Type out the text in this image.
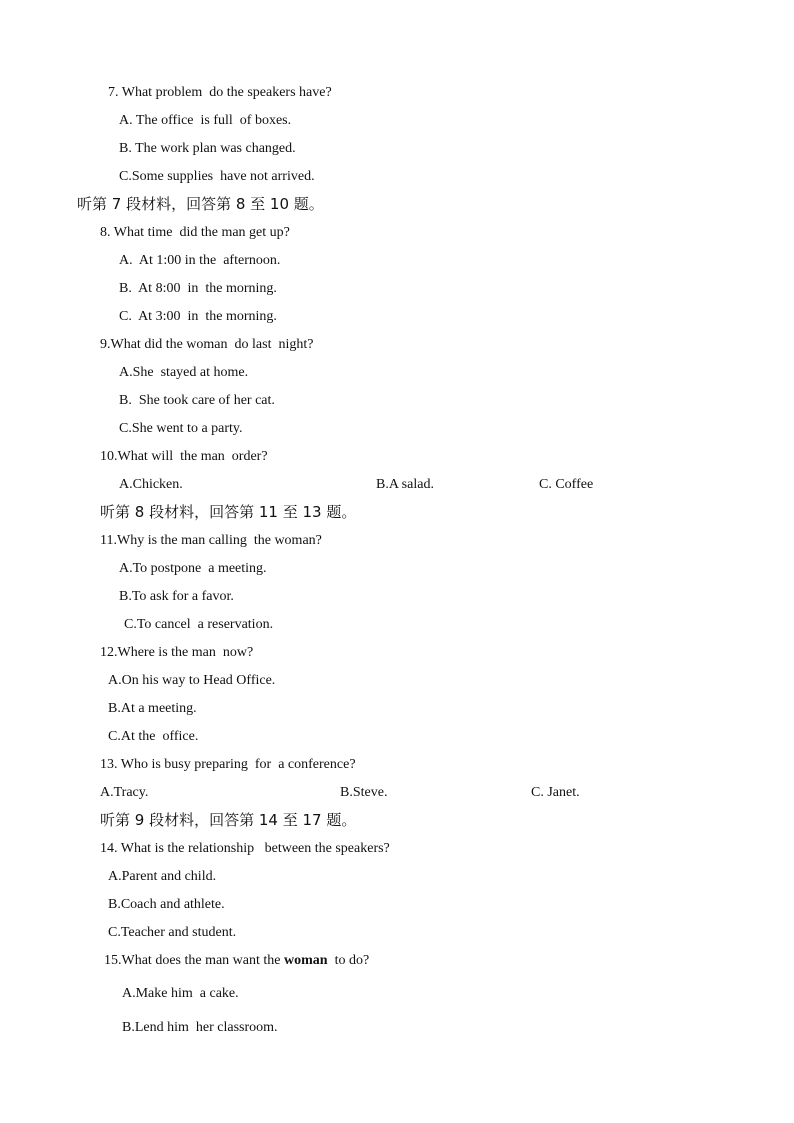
7. What problem  do the speakers have?
A. The office  is full  of boxes.
B. The work plan was changed.
C.Some supplies  have not arrived.
听第 7 段材料，回答第 8 至 10 题。
8. What time  did the man get up?
A.  At 1:00 in the  afternoon.
B.  At 8:00  in  the morning.
C.  At 3:00  in  the morning.
9.What did the woman  do last  night?
A.She  stayed at home.
B.  She took care of her cat.
C.She went to a party.
10.What will  the man  order?
A.Chicken.	B.A salad.	C. Coffee
听第 8 段材料，回答第 11 至 13 题。
11.Why is the man calling  the woman?
A.To postpone  a meeting.
B.To ask for a favor.
C.To cancel  a reservation.
12.Where is the man  now?
A.On his way to Head Office.
B.At a meeting.
C.At the  office.
13. Who is busy preparing  for  a conference?
A.Tracy.	B.Steve.	C. Janet.
听第 9 段材料，回答第 14 至 17 题。
14. What is the relationship   between the speakers?
A.Parent and child.
B.Coach and athlete.
C.Teacher and student.
15.What does the man want the woman  to do?
A.Make him  a cake.
B.Lend him  her classroom.
